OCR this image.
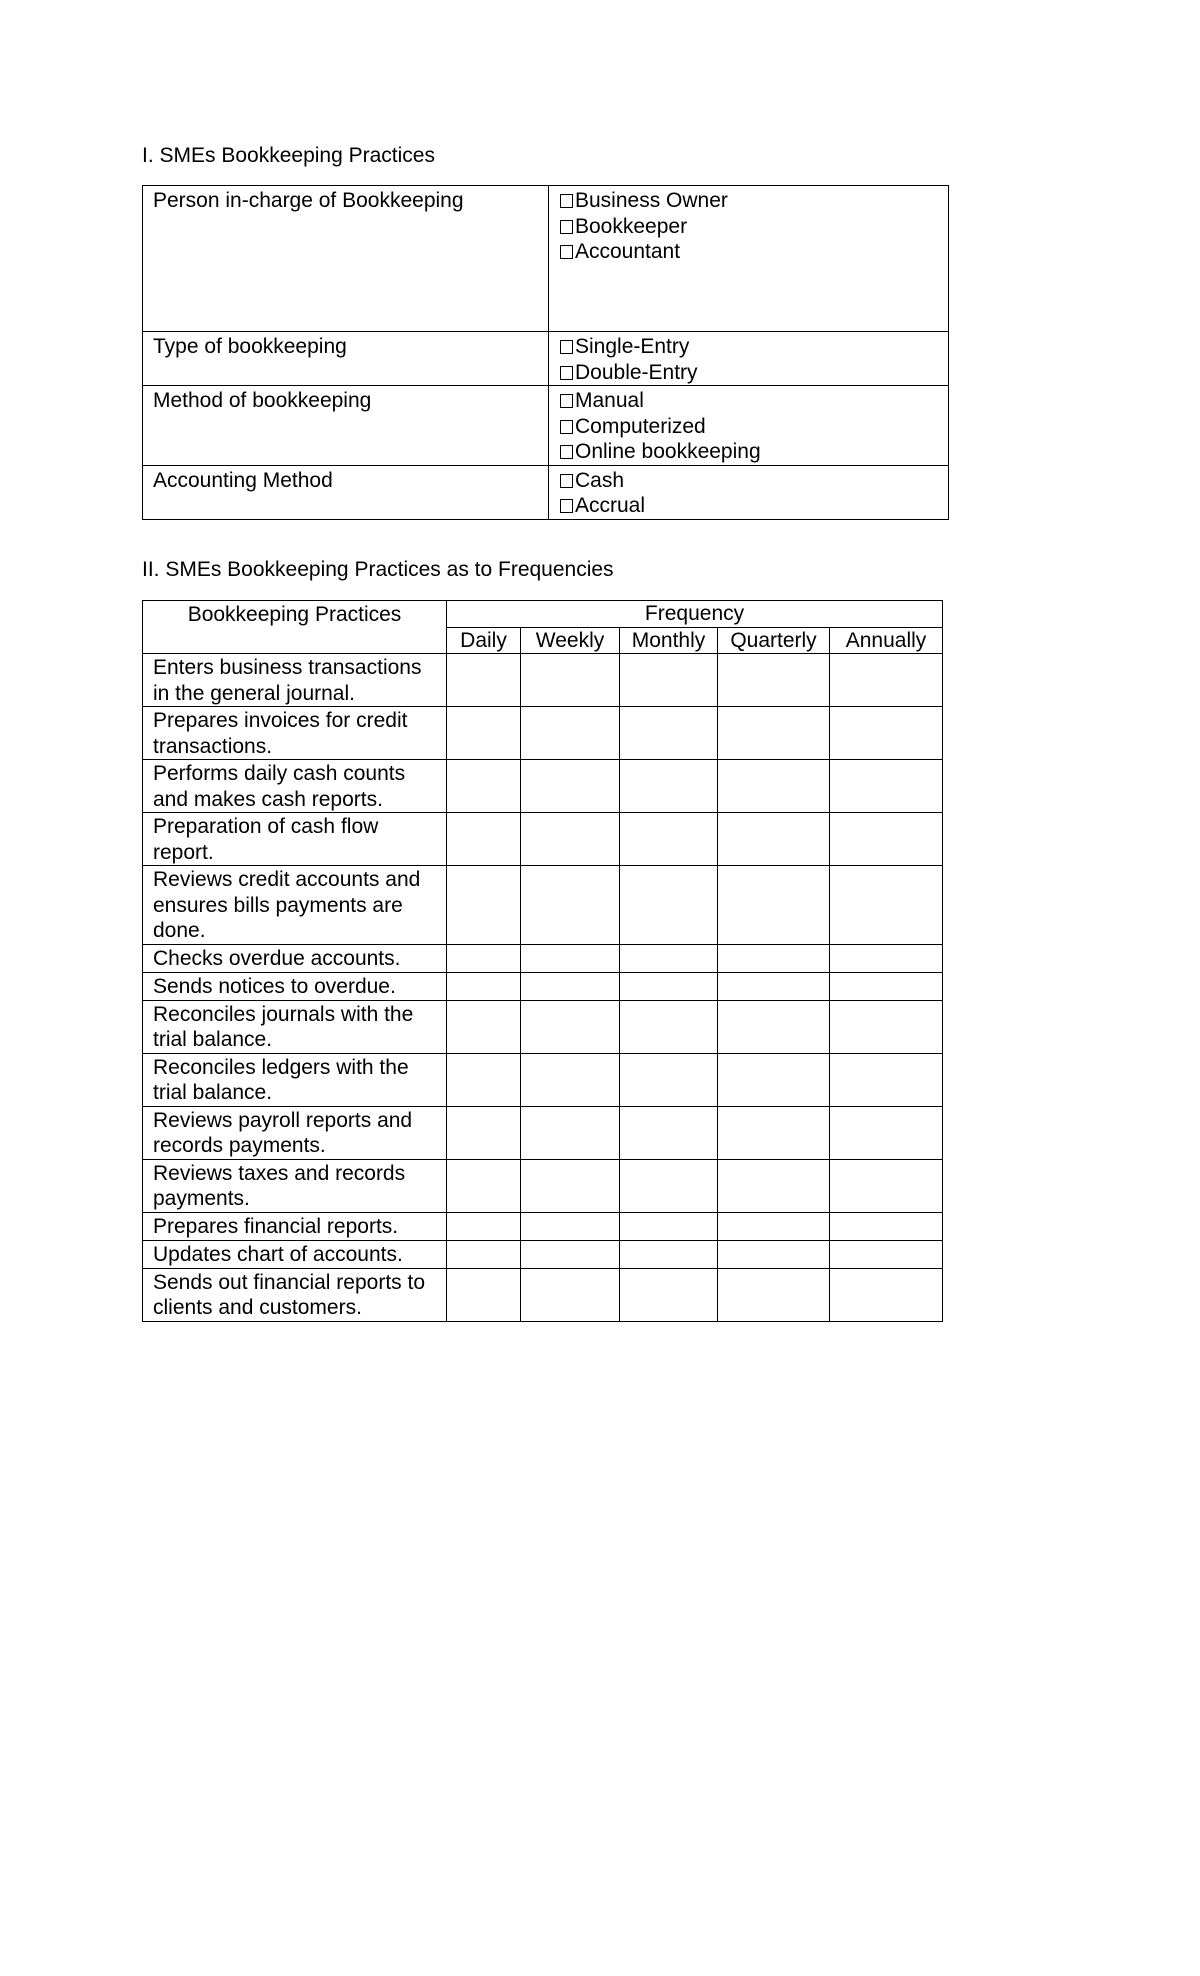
I. SMEs Bookkeeping Practices
Person in-charge of Bookkeeping	Business Owner
Bookkeeper
Accountant

Type of bookkeeping	Single-Entry
Double-Entry

Method of bookkeeping	Manual
Computerized
Online bookkeeping

Accounting Method	Cash
Accrual
II. SMEs Bookkeeping Practices as to Frequencies
Bookkeeping Practices	Frequency				
	Daily	Weekly	Monthly	Quarterly	Annually
Enters business transactions in the general journal.					
Prepares invoices for credit transactions.					
Performs daily cash counts and makes cash reports.					
Preparation of cash flow report.					
Reviews credit accounts and ensures bills payments are done.					
Checks overdue accounts.					
Sends notices to overdue.					
Reconciles journals with the trial balance.					
Reconciles ledgers with the trial balance.					
Reviews payroll reports and records payments.					
Reviews taxes and records payments.					
Prepares financial reports.					
Updates chart of accounts.					
Sends out financial reports to clients and customers.					
